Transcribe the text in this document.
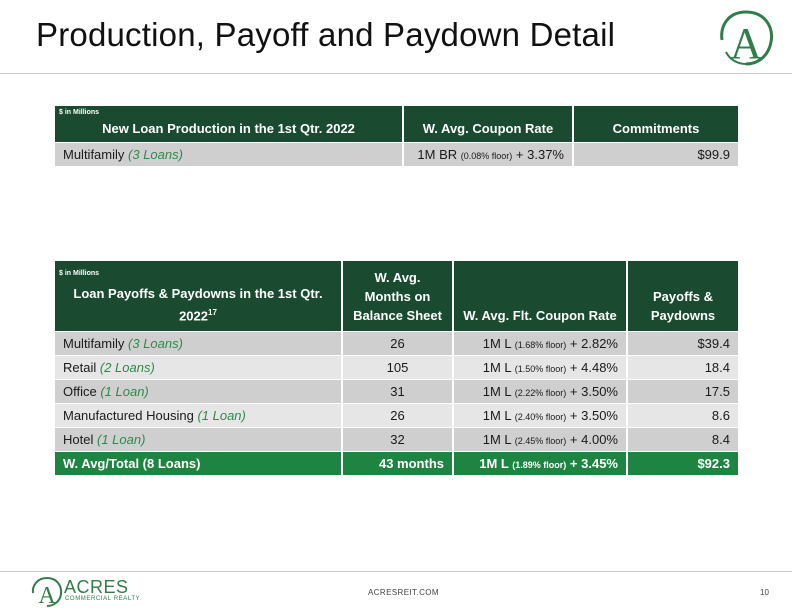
Production, Payoff and Paydown Detail	A
$ in Millions
New Loan Production in the 1st Qtr. 2022	W. Avg. Coupon Rate	Commitments
Multifamily (3 Loans)	1M BR (0.08% floor) + 3.37%	$99.9
$ in Millions
Loan Payoffs & Paydowns in the 1st Qtr. 2022$^{17}$	W. Avg. Months on Balance Sheet	W. Avg. Flt. Coupon Rate	Payoffs & Paydowns
Multifamily (3 Loans)	26	1M L (1.68% floor) + 2.82%	$39.4
Retail (2 Loans)	105	1M L (1.50% floor) + 4.48%	18.4
Office (1 Loan)	31	1M L (2.22% floor) + 3.50%	17.5
Manufactured Housing (1 Loan)	26	1M L (2.40% floor) + 3.50%	8.6
Hotel (1 Loan)	32	1M L (2.45% floor) + 4.00%	8.4
W. Avg/Total (8 Loans)	43 months	1M L (1.89% floor) + 3.45%	$92.3
A ACRES
COMMERCIAL REALTY
ACRESREIT.COM	10
